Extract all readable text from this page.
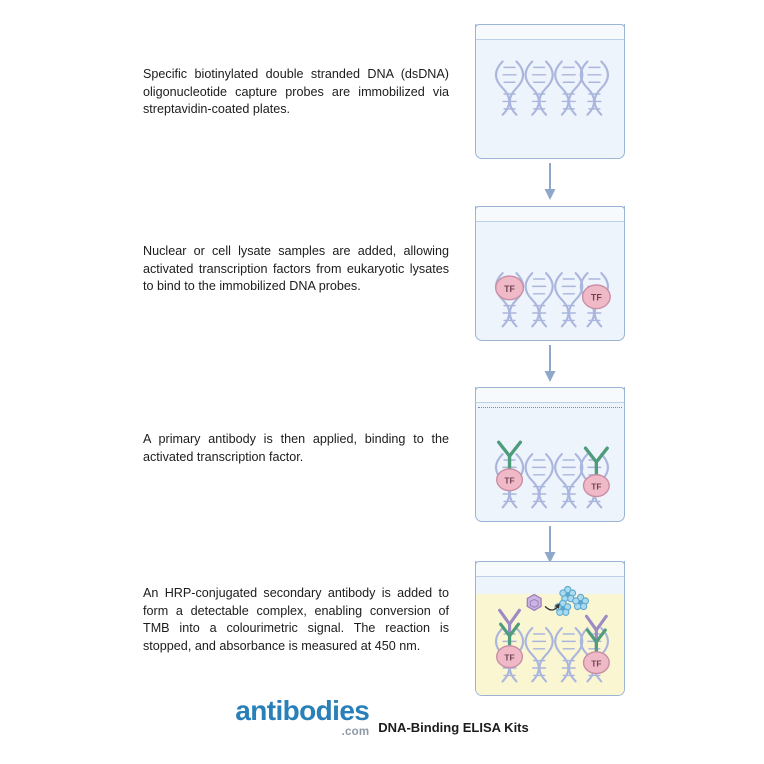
Specific biotinylated double stranded DNA (dsDNA) oligonucleotide capture probes are immobilized via streptavidin-coated plates.
Nuclear or cell lysate samples are added, allowing activated transcription factors from eukaryotic lysates to bind to the immobilized DNA probes.	TF
TF
A primary antibody is then applied, binding to the activated transcription factor.
TF
TF
An HRP-conjugated secondary antibody is added to form a detectable complex, enabling conversion of TMB into a colourimetric signal. The reaction is stopped, and absorbance is measured at 450 nm.
TF
TF
antibodies
.com DNA-Binding ELISA Kits
